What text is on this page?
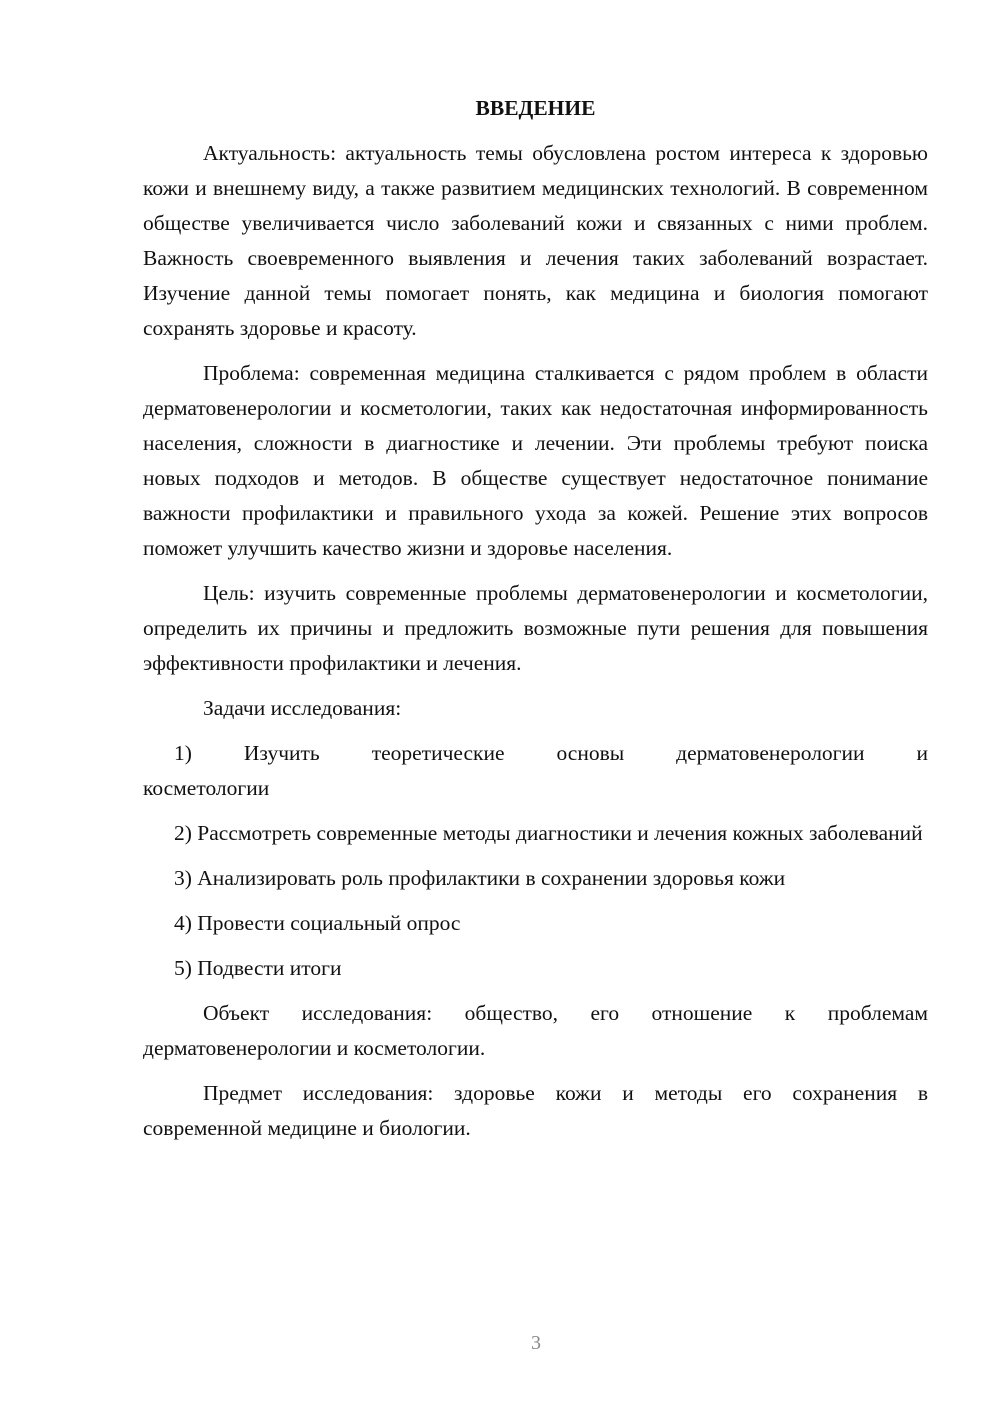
ВВЕДЕНИЕ

Актуальность: актуальность темы обусловлена ростом интереса к здоровью кожи и внешнему виду, а также развитием медицинских технологий. В современном обществе увеличивается число заболеваний кожи и связанных с ними проблем. Важность своевременного выявления и лечения таких заболеваний возрастает. Изучение данной темы помогает понять, как медицина и биология помогают сохранять здоровье и красоту.

Проблема: современная медицина сталкивается с рядом проблем в области дерматовенерологии и косметологии, таких как недостаточная информированность населения, сложности в диагностике и лечении. Эти проблемы требуют поиска новых подходов и методов. В обществе существует недостаточное понимание важности профилактики и правильного ухода за кожей. Решение этих вопросов поможет улучшить качество жизни и здоровье населения.

Цель: изучить современные проблемы дерматовенерологии и косметологии, определить их причины и предложить возможные пути решения для повышения эффективности профилактики и лечения.

Задачи исследования:

1) Изучить теоретические основы дерматовенерологии и

косметологии

2) Рассмотреть современные методы диагностики и лечения кожных заболеваний

3) Анализировать роль профилактики в сохранении здоровья кожи

4) Провести социальный опрос

5) Подвести итоги

Объект исследования: общество, его отношение к проблемам дерматовенерологии и косметологии.

Предмет исследования: здоровье кожи и методы его сохранения в современной медицине и биологии.

3
